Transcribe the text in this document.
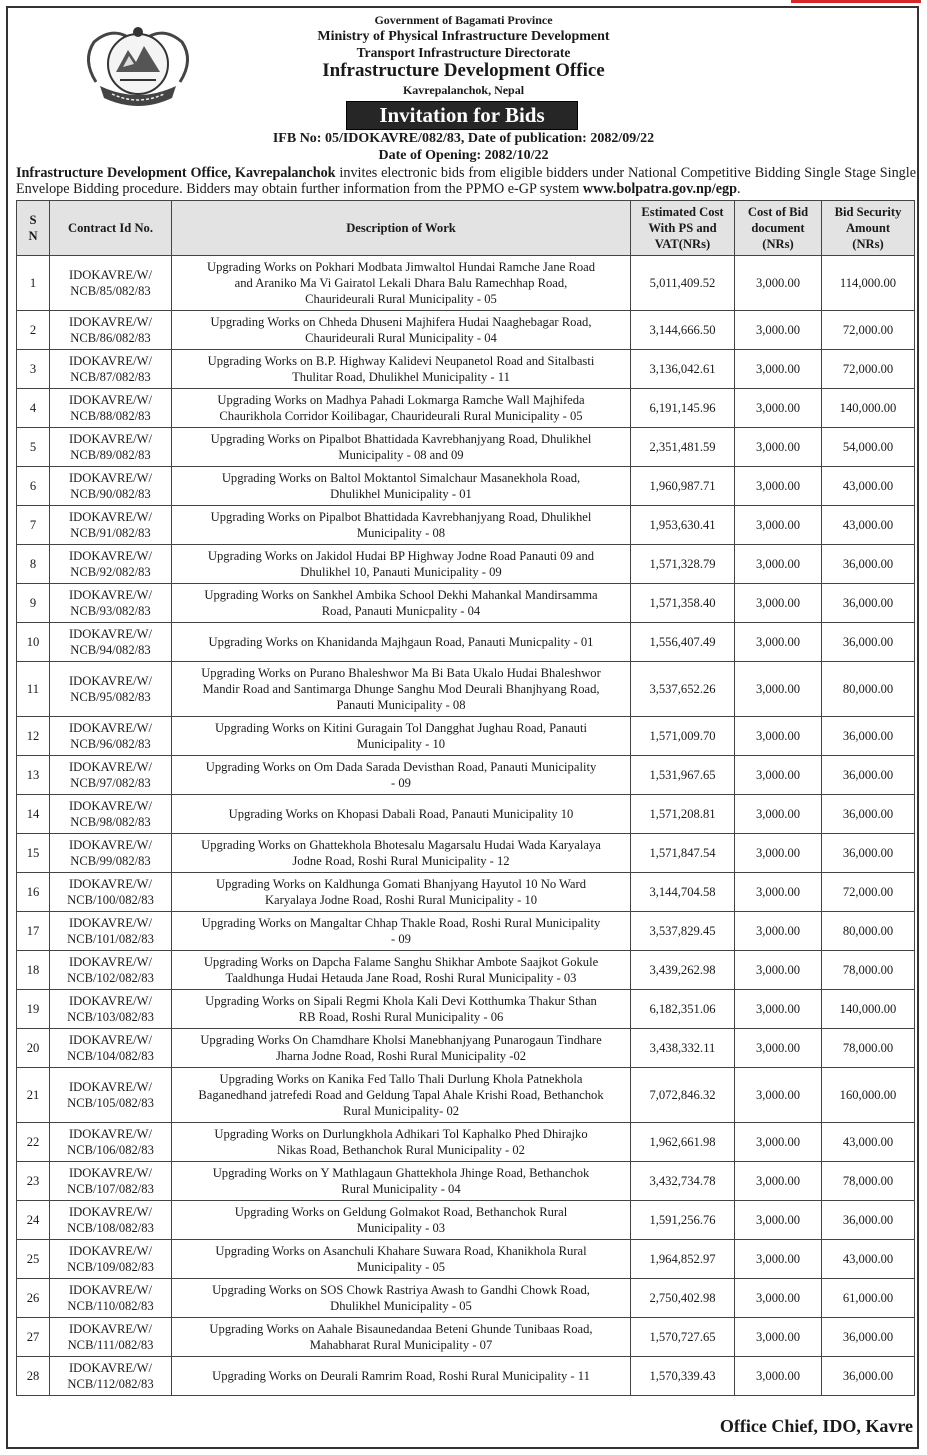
Government of Bagamati Province
Ministry of Physical Infrastructure Development
Transport Infrastructure Directorate
Infrastructure Development Office
Kavrepalanchok, Nepal
Invitation for Bids
IFB No: 05/IDOKAVRE/082/83, Date of publication: 2082/09/22
Date of Opening: 2082/10/22
Infrastructure Development Office, Kavrepalanchok invites electronic bids from eligible bidders under National Competitive Bidding Single Stage Single Envelope Bidding procedure. Bidders may obtain further information from the PPMO e-GP system www.bolpatra.gov.np/egp.
S
N	Contract Id No.	Description of Work	Estimated Cost
With PS and
VAT(NRs)	Cost of Bid
document
(NRs)	Bid Security
Amount
(NRs)
1	IDOKAVRE/W/
NCB/85/082/83	Upgrading Works on Pokhari Modbata Jimwaltol Hundai Ramche Jane Road
and Araniko Ma Vi Gairatol Lekali Dhara Balu Ramechhap Road,
Chaurideurali Rural Municipality - 05	5,011,409.52	3,000.00	114,000.00
2	IDOKAVRE/W/
NCB/86/082/83	Upgrading Works on Chheda Dhuseni Majhifera Hudai Naaghebagar Road,
Chaurideurali Rural Municipality - 04	3,144,666.50	3,000.00	72,000.00
3	IDOKAVRE/W/
NCB/87/082/83	Upgrading Works on B.P. Highway Kalidevi Neupanetol Road and Sitalbasti
Thulitar Road, Dhulikhel Municipality - 11	3,136,042.61	3,000.00	72,000.00
4	IDOKAVRE/W/
NCB/88/082/83	Upgrading Works on Madhya Pahadi Lokmarga Ramche Wall Majhifeda
Chaurikhola Corridor Koilibagar, Chaurideurali Rural Municipality - 05	6,191,145.96	3,000.00	140,000.00
5	IDOKAVRE/W/
NCB/89/082/83	Upgrading Works on Pipalbot Bhattidada Kavrebhanjyang Road, Dhulikhel
Municipality - 08 and 09	2,351,481.59	3,000.00	54,000.00
6	IDOKAVRE/W/
NCB/90/082/83	Upgrading Works on Baltol Moktantol Simalchaur Masanekhola Road,
Dhulikhel Municipality - 01	1,960,987.71	3,000.00	43,000.00
7	IDOKAVRE/W/
NCB/91/082/83	Upgrading Works on Pipalbot Bhattidada Kavrebhanjyang Road, Dhulikhel
Municipality - 08	1,953,630.41	3,000.00	43,000.00
8	IDOKAVRE/W/
NCB/92/082/83	Upgrading Works on Jakidol Hudai BP Highway Jodne Road Panauti 09 and
Dhulikhel 10, Panauti Municipality - 09	1,571,328.79	3,000.00	36,000.00
9	IDOKAVRE/W/
NCB/93/082/83	Upgrading Works on Sankhel Ambika School Dekhi Mahankal Mandirsamma
Road, Panauti Municpality - 04	1,571,358.40	3,000.00	36,000.00
10	IDOKAVRE/W/
NCB/94/082/83	Upgrading Works on Khanidanda Majhgaun Road, Panauti Municpality - 01	1,556,407.49	3,000.00	36,000.00
11	IDOKAVRE/W/
NCB/95/082/83	Upgrading Works on Purano Bhaleshwor Ma Bi Bata Ukalo Hudai Bhaleshwor
Mandir Road and Santimarga Dhunge Sanghu Mod Deurali Bhanjhyang Road,
Panauti Municipality - 08	3,537,652.26	3,000.00	80,000.00
12	IDOKAVRE/W/
NCB/96/082/83	Upgrading Works on Kitini Guragain Tol Dangghat Jughau Road, Panauti
Municipality - 10	1,571,009.70	3,000.00	36,000.00
13	IDOKAVRE/W/
NCB/97/082/83	Upgrading Works on Om Dada Sarada Devisthan Road, Panauti Municipality
- 09	1,531,967.65	3,000.00	36,000.00
14	IDOKAVRE/W/
NCB/98/082/83	Upgrading Works on Khopasi Dabali Road, Panauti Municipality 10	1,571,208.81	3,000.00	36,000.00
15	IDOKAVRE/W/
NCB/99/082/83	Upgrading Works on Ghattekhola Bhotesalu Magarsalu Hudai Wada Karyalaya
Jodne Road, Roshi Rural Municipality - 12	1,571,847.54	3,000.00	36,000.00
16	IDOKAVRE/W/
NCB/100/082/83	Upgrading Works on Kaldhunga Gomati Bhanjyang Hayutol 10 No Ward
Karyalaya Jodne Road, Roshi Rural Municipality - 10	3,144,704.58	3,000.00	72,000.00
17	IDOKAVRE/W/
NCB/101/082/83	Upgrading Works on Mangaltar Chhap Thakle Road, Roshi Rural Municipality
- 09	3,537,829.45	3,000.00	80,000.00
18	IDOKAVRE/W/
NCB/102/082/83	Upgrading Works on Dapcha Falame Sanghu Shikhar Ambote Saajkot Gokule
Taaldhunga Hudai Hetauda Jane Road, Roshi Rural Municipality - 03	3,439,262.98	3,000.00	78,000.00
19	IDOKAVRE/W/
NCB/103/082/83	Upgrading Works on Sipali Regmi Khola Kali Devi Kotthumka Thakur Sthan
RB Road, Roshi Rural Municipality - 06	6,182,351.06	3,000.00	140,000.00
20	IDOKAVRE/W/
NCB/104/082/83	Upgrading Works On Chamdhare Kholsi Manebhanjyang Punarogaun Tindhare
Jharna Jodne Road, Roshi Rural Municipality -02	3,438,332.11	3,000.00	78,000.00
21	IDOKAVRE/W/
NCB/105/082/83	Upgrading Works on Kanika Fed Tallo Thali Durlung Khola Patnekhola
Baganedhand jatrefedi Road and Geldung Tapal Ahale Krishi Road, Bethanchok
Rural Municipality- 02	7,072,846.32	3,000.00	160,000.00
22	IDOKAVRE/W/
NCB/106/082/83	Upgrading Works on Durlungkhola Adhikari Tol Kaphalko Phed Dhirajko
Nikas Road, Bethanchok Rural Municipality - 02	1,962,661.98	3,000.00	43,000.00
23	IDOKAVRE/W/
NCB/107/082/83	Upgrading Works on Y Mathlagaun Ghattekhola Jhinge Road, Bethanchok
Rural Municipality - 04	3,432,734.78	3,000.00	78,000.00
24	IDOKAVRE/W/
NCB/108/082/83	Upgrading Works on Geldung Golmakot Road, Bethanchok Rural
Municipality - 03	1,591,256.76	3,000.00	36,000.00
25	IDOKAVRE/W/
NCB/109/082/83	Upgrading Works on Asanchuli Khahare Suwara Road, Khanikhola Rural
Municipality - 05	1,964,852.97	3,000.00	43,000.00
26	IDOKAVRE/W/
NCB/110/082/83	Upgrading Works on SOS Chowk Rastriya Awash to Gandhi Chowk Road,
Dhulikhel Municipality - 05	2,750,402.98	3,000.00	61,000.00
27	IDOKAVRE/W/
NCB/111/082/83	Upgrading Works on Aahale Bisaunedandaa Beteni Ghunde Tunibaas Road,
Mahabharat Rural Municipality - 07	1,570,727.65	3,000.00	36,000.00
28	IDOKAVRE/W/
NCB/112/082/83	Upgrading Works on Deurali Ramrim Road, Roshi Rural Municipality - 11	1,570,339.43	3,000.00	36,000.00
Office Chief, IDO, Kavre
